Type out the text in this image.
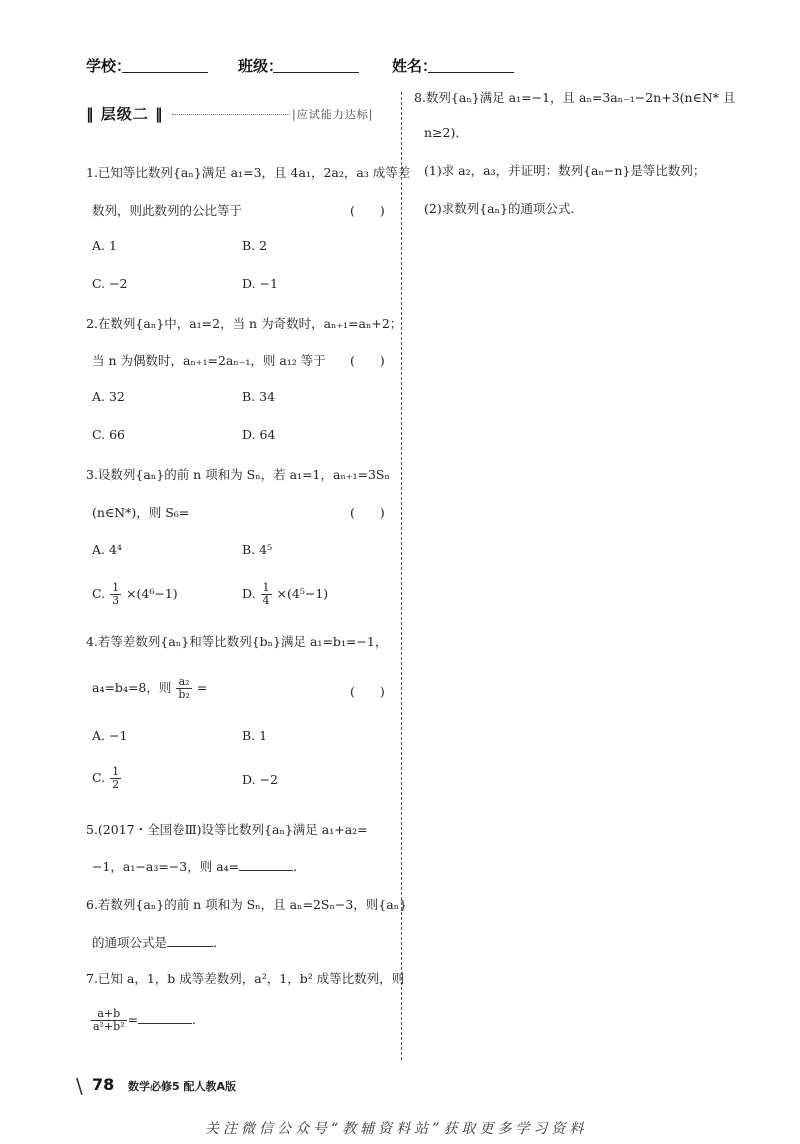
学校：	班级：	姓名：
‖ 层级二 ‖	|应试能力达标|
1.已知等比数列{aₙ}满足 a₁=3，且 4a₁，2a₂，a₃ 成等差
数列，则此数列的公比等于	(　　)
A. 1	B. 2
C. −2	D. −1
2.在数列{aₙ}中，a₁=2，当 n 为奇数时，aₙ₊₁=aₙ+2；
当 n 为偶数时，aₙ₊₁=2aₙ₋₁，则 a₁₂ 等于 (　　)
A. 32	B. 34
C. 66	D. 64
3.设数列{aₙ}的前 n 项和为 Sₙ，若 a₁=1，aₙ₊₁=3Sₙ
(n∈N*)，则 S₆=	(　　)
A. 4⁴	B. 4⁵
C. $\frac{1}{3} \times(4^6-1)$	D. $\frac{1}{4} \times(4^5-1)$
4.若等差数列{aₙ}和等比数列{bₙ}满足 a₁=b₁=−1，
a₄=b₄=8，则 $\frac{\text{a₂}}{\text{b₂}}$ =	(　　)
A. −1	B. 1
C. $\frac{1}{2}$	D. −2
5.(2017・全国卷Ⅲ)设等比数列{aₙ}满足 a₁+a₂=
−1，a₁−a₃=−3，则 a₄=	．
6.若数列{aₙ}的前 n 项和为 Sₙ，且 aₙ=2Sₙ−3，则{aₙ}
的通项公式是	．
7.已知 a，1，b 成等差数列，a²，1，b² 成等比数列，则
$\frac{a+b}{\text{a²+b²}}$ =	．
8.数列{aₙ}满足 a₁=−1，且 aₙ=3aₙ₋₁−2n+3(n∈N* 且
n≥2)．
(1)求 a₂，a₃，并证明：数列{aₙ−n}是等比数列；
(2)求数列{aₙ}的通项公式．
\ 78 数学必修5 配人教A版
关注微信公众号“教辅资料站”获取更多学习资料
